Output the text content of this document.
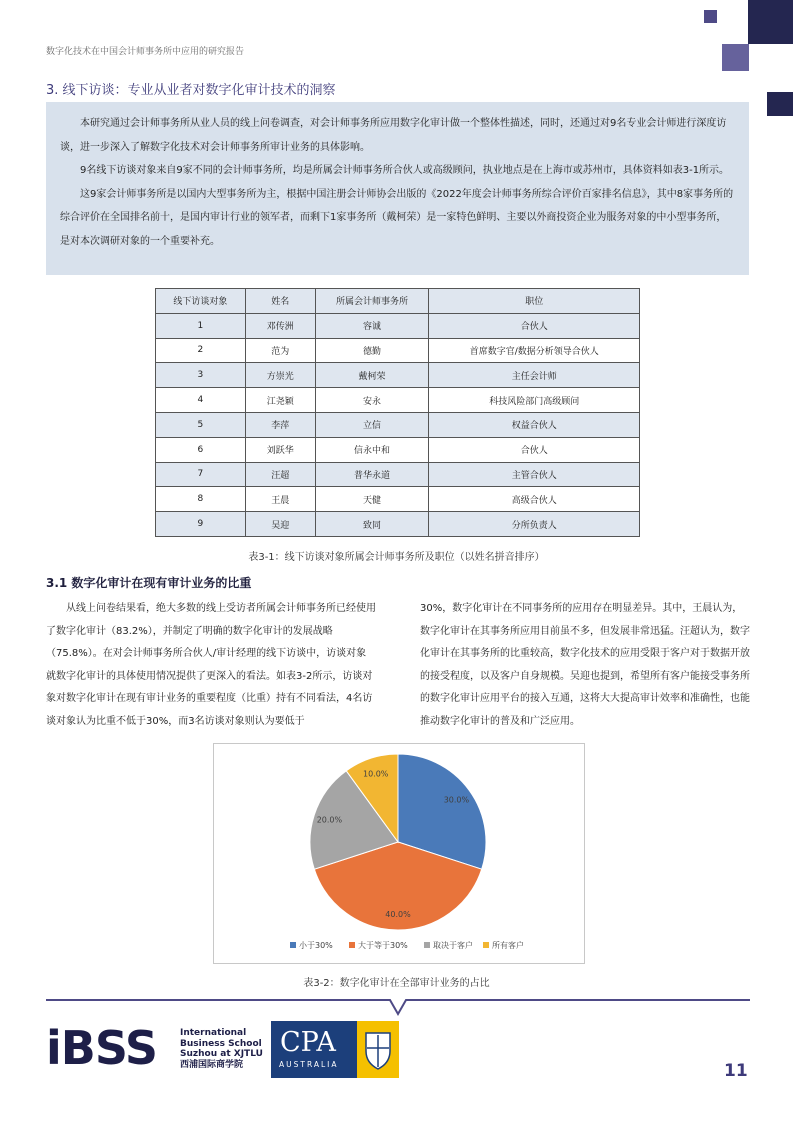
数字化技术在中国会计师事务所中应用的研究报告
3. 线下访谈：专业从业者对数字化审计技术的洞察

本研究通过会计师事务所从业人员的线上问卷调查，对会计师事务所应用数字化审计做一个整体性描述，同时，还通过对9名专业会计师进行深度访谈，进一步深入了解数字化技术对会计师事务所审计业务的具体影响。

9名线下访谈对象来自9家不同的会计师事务所，均是所属会计师事务所合伙人或高级顾问，执业地点是在上海市或苏州市，具体资料如表3-1所示。

这9家会计师事务所是以国内大型事务所为主，根据中国注册会计师协会出版的《2022年度会计师事务所综合评价百家排名信息》，其中8家事务所的综合评价在全国排名前十，是国内审计行业的领军者，而剩下1家事务所（戴柯荣）是一家特色鲜明、主要以外商投资企业为服务对象的中小型事务所，是对本次调研对象的一个重要补充。

线下访谈对象	姓名	所属会计师事务所	职位
1	邓传洲	容诚	合伙人
2	范为	德勤	首席数字官/数据分析领导合伙人
3	方崇光	戴柯荣	主任会计师
4	江尧颖	安永	科技风险部门高级顾问
5	李萍	立信	权益合伙人
6	刘跃华	信永中和	合伙人
7	汪超	普华永道	主管合伙人
8	王晨	天健	高级合伙人
9	吴迎	致同	分所负责人
表3-1：线下访谈对象所属会计师事务所及职位（以姓名拼音排序）
3.1 数字化审计在现有审计业务的比重
从线上问卷结果看，绝大多数的线上受访者所属会计师事务所已经使用了数字化审计（83.2%），并制定了明确的数字化审计的发展战略（75.8%）。在对会计师事务所合伙人/审计经理的线下访谈中，访谈对象就数字化审计的具体使用情况提供了更深入的看法。如表3-2所示，访谈对象对数字化审计在现有审计业务的重要程度（比重）持有不同看法，4名访谈对象认为比重不低于30%，而3名访谈对象则认为要低于
30%，数字化审计在不同事务所的应用存在明显差异。其中，王晨认为，数字化审计在其事务所应用目前虽不多，但发展非常迅猛。汪超认为，数字化审计在其事务所的比重较高，数字化技术的应用受限于客户对于数据开放的接受程度，以及客户自身规模。吴迎也提到，希望所有客户能接受事务所的数字化审计应用平台的接入互通，这将大大提高审计效率和准确性，也能推动数字化审计的普及和广泛应用。
30.0%
40.0%
20.0%
10.0%
小于30%	大于等于30%	取决于客户 所有客户
表3-2：数字化审计在全部审计业务的占比
iBSS	International
Business School
Suzhou at XJTLU
西浦国际商学院
CPA
AUSTRALIA	11
